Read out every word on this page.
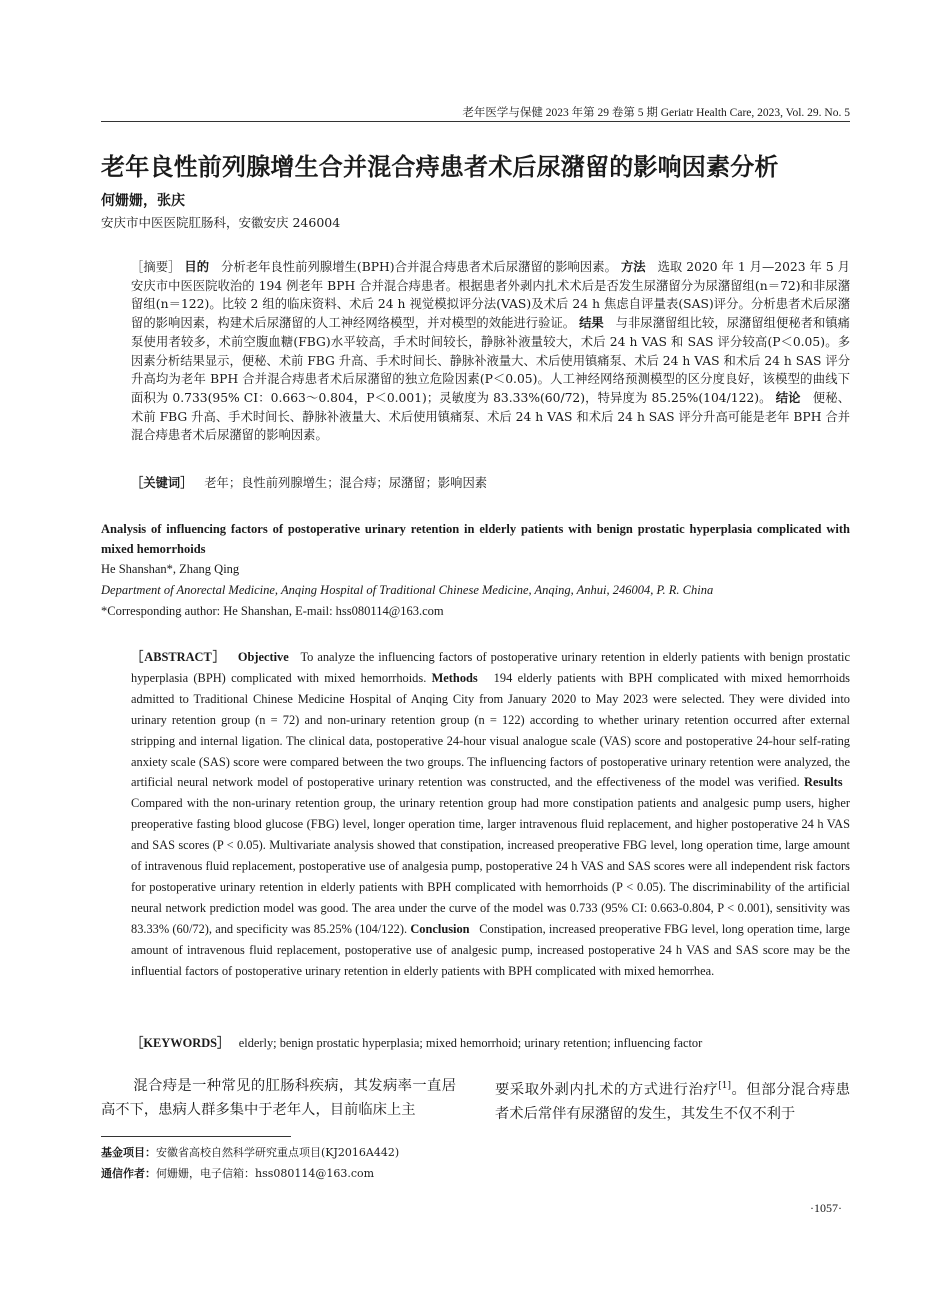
老年医学与保健 2023 年第 29 卷第 5 期 Geriatr Health Care, 2023, Vol. 29. No. 5
老年良性前列腺增生合并混合痔患者术后尿潴留的影响因素分析
何姗姗，张庆
安庆市中医医院肛肠科，安徽安庆 246004
［摘要］ 目的 分析老年良性前列腺增生(BPH)合并混合痔患者术后尿潴留的影响因素。 方法 选取 2020 年 1 月—2023 年 5 月安庆市中医医院收治的 194 例老年 BPH 合并混合痔患者。根据患者外剥内扎术术后是否发生尿潴留分为尿潴留组(n＝72)和非尿潴留组(n＝122)。比较 2 组的临床资料、术后 24 h 视觉模拟评分法(VAS)及术后 24 h 焦虑自评量表(SAS)评分。分析患者术后尿潴留的影响因素，构建术后尿潴留的人工神经网络模型，并对模型的效能进行验证。 结果 与非尿潴留组比较，尿潴留组便秘者和镇痛泵使用者较多，术前空腹血糖(FBG)水平较高，手术时间较长，静脉补液量较大，术后 24 h VAS 和 SAS 评分较高(P＜0.05)。多因素分析结果显示，便秘、术前 FBG 升高、手术时间长、静脉补液量大、术后使用镇痛泵、术后 24 h VAS 和术后 24 h SAS 评分升高均为老年 BPH 合并混合痔患者术后尿潴留的独立危险因素(P＜0.05)。人工神经网络预测模型的区分度良好，该模型的曲线下面积为 0.733(95% CI：0.663～0.804，P＜0.001)；灵敏度为 83.33%(60/72)，特异度为 85.25%(104/122)。 结论 便秘、术前 FBG 升高、手术时间长、静脉补液量大、术后使用镇痛泵、术后 24 h VAS 和术后 24 h SAS 评分升高可能是老年 BPH 合并混合痔患者术后尿潴留的影响因素。
［关键词］ 老年；良性前列腺增生；混合痔；尿潴留；影响因素
Analysis of influencing factors of postoperative urinary retention in elderly patients with benign prostatic hyperplasia complicated with mixed hemorrhoids
He Shanshan*, Zhang Qing
Department of Anorectal Medicine, Anqing Hospital of Traditional Chinese Medicine, Anqing, Anhui, 246004, P. R. China
*Corresponding author: He Shanshan, E-mail: hss080114@163.com
［ABSTRACT］ Objective To analyze the influencing factors of postoperative urinary retention in elderly patients with benign prostatic hyperplasia (BPH) complicated with mixed hemorrhoids. Methods 194 elderly patients with BPH complicated with mixed hemorrhoids admitted to Traditional Chinese Medicine Hospital of Anqing City from January 2020 to May 2023 were selected. They were divided into urinary retention group (n = 72) and non-urinary retention group (n = 122) according to whether urinary retention occurred after external stripping and internal ligation. The clinical data, postoperative 24-hour visual analogue scale (VAS) score and postoperative 24-hour self-rating anxiety scale (SAS) score were compared between the two groups. The influencing factors of postoperative urinary retention were analyzed, the artificial neural network model of postoperative urinary retention was constructed, and the effectiveness of the model was verified. Results   Compared with the non-urinary retention group, the urinary retention group had more constipation patients and analgesic pump users, higher preoperative fasting blood glucose (FBG) level, longer operation time, larger intravenous fluid replacement, and higher postoperative 24 h VAS and SAS scores (P < 0.05). Multivariate analysis showed that constipation, increased preoperative FBG level, long operation time, large amount of intravenous fluid replacement, postoperative use of analgesia pump, postoperative 24 h VAS and SAS scores were all independent risk factors for postoperative urinary retention in elderly patients with BPH complicated with hemorrhoids (P < 0.05). The discriminability of the artificial neural network prediction model was good. The area under the curve of the model was 0.733 (95% CI: 0.663-0.804, P < 0.001), sensitivity was 83.33% (60/72), and specificity was 85.25% (104/122). Conclusion Constipation, increased preoperative FBG level, long operation time, large amount of intravenous fluid replacement, postoperative use of analgesic pump, increased postoperative 24 h VAS and SAS score may be the influential factors of postoperative urinary retention in elderly patients with BPH complicated with mixed hemorrhea.
［KEYWORDS］ elderly; benign prostatic hyperplasia; mixed hemorrhoid; urinary retention; influencing factor
混合痔是一种常见的肛肠科疾病，其发病率一直居高不下，患病人群多集中于老年人，目前临床上主
要采取外剥内扎术的方式进行治疗[1]。但部分混合痔患者术后常伴有尿潴留的发生，其发生不仅不利于
基金项目：安徽省高校自然科学研究重点项目(KJ2016A442)
通信作者：何姗姗，电子信箱：hss080114@163.com
·1057·
